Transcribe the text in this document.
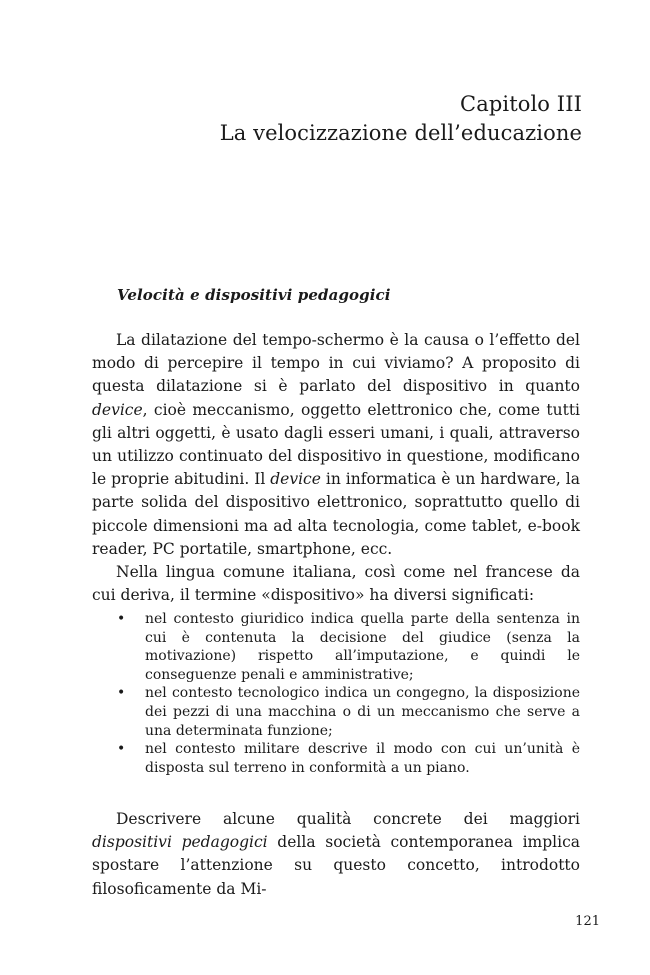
Capitolo III
La velocizzazione dell’educazione
Velocità e dispositivi pedagogici

La dilatazione del tempo-schermo è la causa o l’effetto del modo di percepire il tempo in cui viviamo? A proposito di questa dilatazione si è parlato del dispositivo in quanto device, cioè meccanismo, oggetto elettronico che, come tutti gli altri oggetti, è usato dagli esseri umani, i quali, attraverso un utilizzo continuato del dispositivo in questione, modificano le proprie abitudini. Il device in informatica è un hardware, la parte solida del dispositivo elettronico, soprattutto quello di piccole dimensioni ma ad alta tecnologia, come tablet, e-book reader, PC portatile, smartphone, ecc.

Nella lingua comune italiana, così come nel francese da cui deriva, il termine «dispositivo» ha diversi significati:

• nel contesto giuridico indica quella parte della sentenza in cui è contenuta la decisione del giudice (senza la motivazione) rispetto all’imputazione, e quindi le conseguenze penali e amministrative;
• nel contesto tecnologico indica un congegno, la disposizione dei pezzi di una macchina o di un meccanismo che serve a una determinata funzione;
• nel contesto militare descrive il modo con cui un’unità è disposta sul terreno in conformità a un piano.

Descrivere alcune qualità concrete dei maggiori dispositivi pedagogici della società contemporanea implica spostare l’attenzione su questo concetto, introdotto filosoficamente da Mi-

121
